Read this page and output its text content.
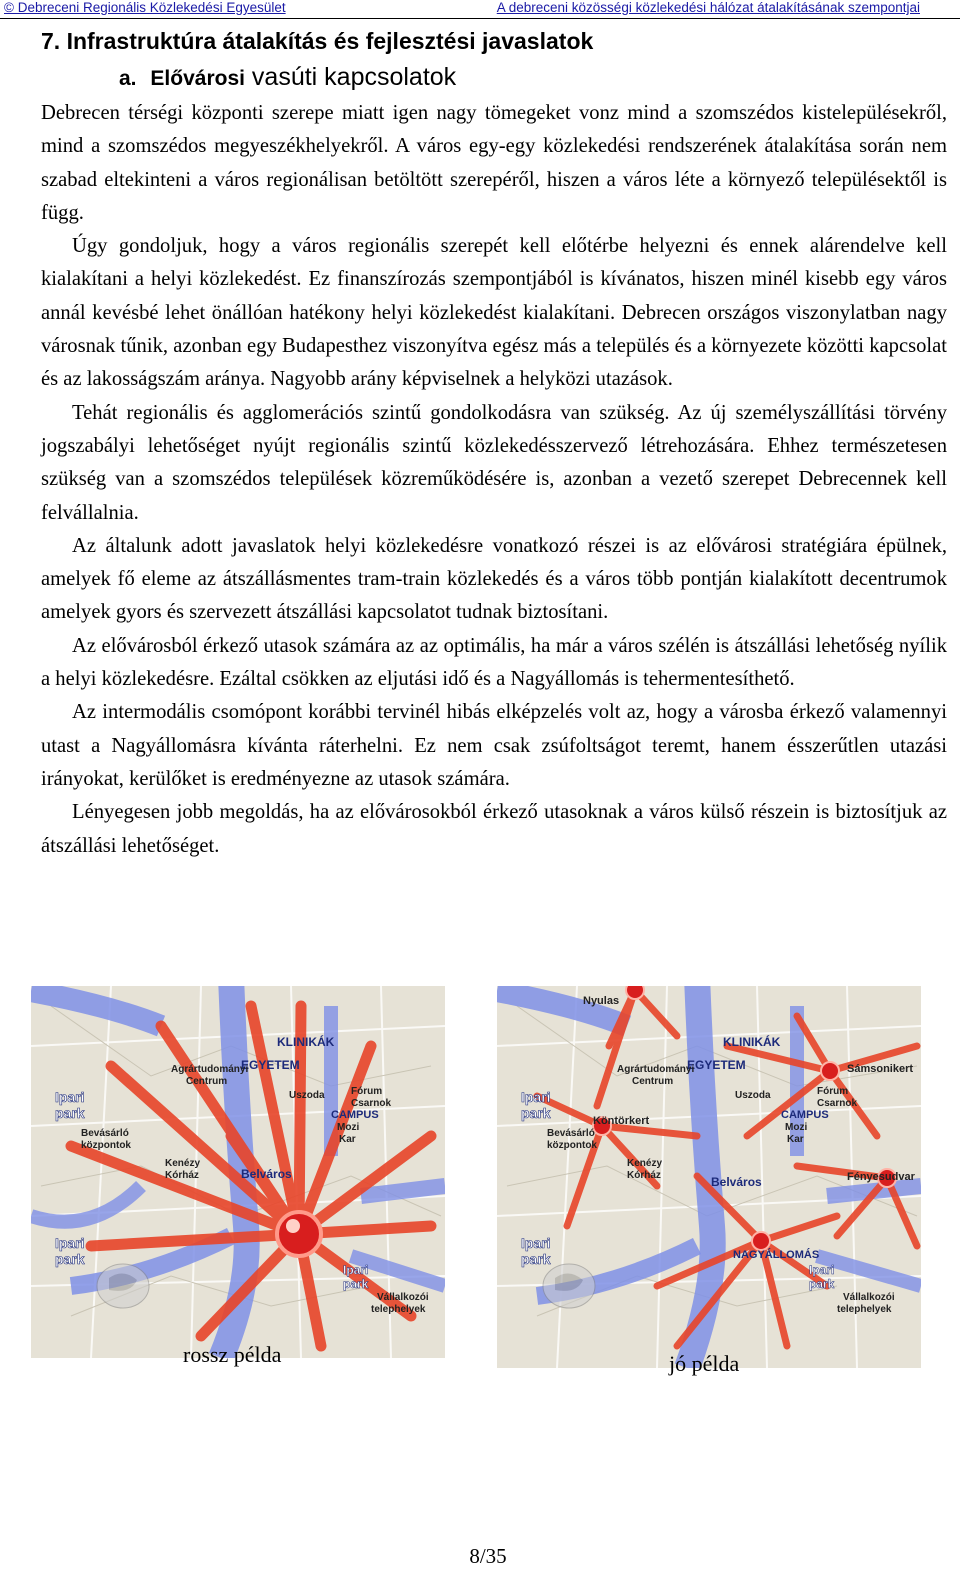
© Debreceni Regionális Közlekedési Egyesület	A debreceni közösségi közlekedési hálózat átalakításának szempontjai
7. Infrastruktúra átalakítás és fejlesztési javaslatok
a. Elővárosi vasúti kapcsolatok

Debrecen térségi központi szerepe miatt igen nagy tömegeket vonz mind a szomszédos kistelepülésekről, mind a szomszédos megyeszékhelyekről. A város egy-egy közlekedési rendszerének átalakítása során nem szabad eltekinteni a város regionálisan betöltött szerepéről, hiszen a város léte a környező településektől is függ.

Úgy gondoljuk, hogy a város regionális szerepét kell előtérbe helyezni és ennek alárendelve kell kialakítani a helyi közlekedést. Ez finanszírozás szempontjából is kívánatos, hiszen minél kisebb egy város annál kevésbé lehet önállóan hatékony helyi közlekedést kialakítani. Debrecen országos viszonylatban nagy városnak tűnik, azonban egy Budapesthez viszonyítva egész más a település és a környezete közötti kapcsolat és az lakosságszám aránya. Nagyobb arány képviselnek a helyközi utazások.

Tehát regionális és agglomerációs szintű gondolkodásra van szükség. Az új személyszállítási törvény jogszabályi lehetőséget nyújt regionális szintű közlekedésszervező létrehozására. Ehhez természetesen szükség van a szomszédos települések közreműködésére is, azonban a vezető szerepet Debrecennek kell felvállalnia.

Az általunk adott javaslatok helyi közlekedésre vonatkozó részei is az elővárosi stratégiára épülnek, amelyek fő eleme az átszállásmentes tram-train közlekedés és a város több pontján kialakított decentrumok amelyek gyors és szervezett átszállási kapcsolatot tudnak biztosítani.

Az elővárosból érkező utasok számára az az optimális, ha már a város szélén is átszállási lehetőség nyílik a helyi közlekedésre. Ezáltal csökken az eljutási idő és a Nagyállomás is tehermentesíthető.

Az intermodális csomópont korábbi tervinél hibás elképzelés volt az, hogy a városba érkező valamennyi utast a Nagyállomásra kívánta ráterhelni. Ez nem csak zsúfoltságot teremt, hanem ésszerűtlen utazási irányokat, kerülőket is eredményezne az utasok számára.

Lényegesen jobb megoldás, ha az elővárosokból érkező utasoknak a város külső részein is biztosítjuk az átszállási lehetőséget.

KLINIKÁK
EGYETEM
Agrártudományi
Centrum
Ipari
park
Bevásárló
központok
Uszoda	Fórum
Csarnok
CAMPUS
Mozi
Kar
Kenézy
Kórház	Belváros
Ipari
park
Ipari
park
Vállalkozói
telephelyek
Nyulas
KLINIKÁK
EGYETEM
Agrártudományi
Centrum
Sámsonikert
Köntörkert
Ipari
park
Bevásárló
központok
Uszoda	Fórum
Csarnok
CAMPUS
Mozi
Kar
Kenézy
Kórház	Belváros	Fényesudvar
Ipari
park	NAGYÁLLOMÁS
Ipari
park
Vállalkozói
telephelyek
rossz példa	jó példa
8/35
